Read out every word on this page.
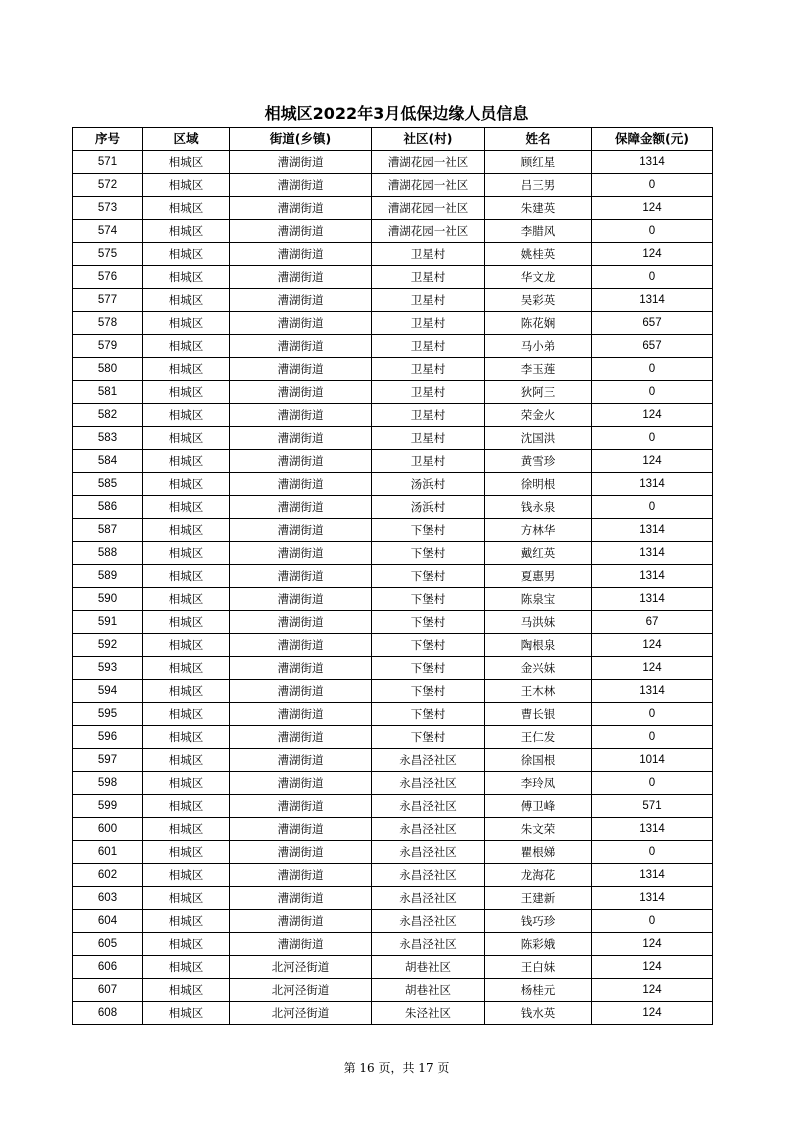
相城区2022年3月低保边缘人员信息
序号	区域	街道(乡镇)	社区(村)	姓名	保障金额(元)
571	相城区	漕湖街道	漕湖花园一社区	顾红星	1314
572	相城区	漕湖街道	漕湖花园一社区	吕三男	0
573	相城区	漕湖街道	漕湖花园一社区	朱建英	124
574	相城区	漕湖街道	漕湖花园一社区	李腊风	0
575	相城区	漕湖街道	卫星村	姚桂英	124
576	相城区	漕湖街道	卫星村	华文龙	0
577	相城区	漕湖街道	卫星村	吴彩英	1314
578	相城区	漕湖街道	卫星村	陈花娴	657
579	相城区	漕湖街道	卫星村	马小弟	657
580	相城区	漕湖街道	卫星村	李玉莲	0
581	相城区	漕湖街道	卫星村	狄阿三	0
582	相城区	漕湖街道	卫星村	荣金火	124
583	相城区	漕湖街道	卫星村	沈国洪	0
584	相城区	漕湖街道	卫星村	黄雪珍	124
585	相城区	漕湖街道	汤浜村	徐明根	1314
586	相城区	漕湖街道	汤浜村	钱永泉	0
587	相城区	漕湖街道	下堡村	方林华	1314
588	相城区	漕湖街道	下堡村	戴红英	1314
589	相城区	漕湖街道	下堡村	夏惠男	1314
590	相城区	漕湖街道	下堡村	陈泉宝	1314
591	相城区	漕湖街道	下堡村	马洪妹	67
592	相城区	漕湖街道	下堡村	陶根泉	124
593	相城区	漕湖街道	下堡村	金兴妹	124
594	相城区	漕湖街道	下堡村	王木林	1314
595	相城区	漕湖街道	下堡村	曹长银	0
596	相城区	漕湖街道	下堡村	王仁发	0
597	相城区	漕湖街道	永昌泾社区	徐国根	1014
598	相城区	漕湖街道	永昌泾社区	李玲凤	0
599	相城区	漕湖街道	永昌泾社区	傅卫峰	571
600	相城区	漕湖街道	永昌泾社区	朱文荣	1314
601	相城区	漕湖街道	永昌泾社区	瞿根娣	0
602	相城区	漕湖街道	永昌泾社区	龙海花	1314
603	相城区	漕湖街道	永昌泾社区	王建新	1314
604	相城区	漕湖街道	永昌泾社区	钱巧珍	0
605	相城区	漕湖街道	永昌泾社区	陈彩娥	124
606	相城区	北河泾街道	胡巷社区	王白妹	124
607	相城区	北河泾街道	胡巷社区	杨桂元	124
608	相城区	北河泾街道	朱泾社区	钱水英	124
第 16 页，共 17 页
